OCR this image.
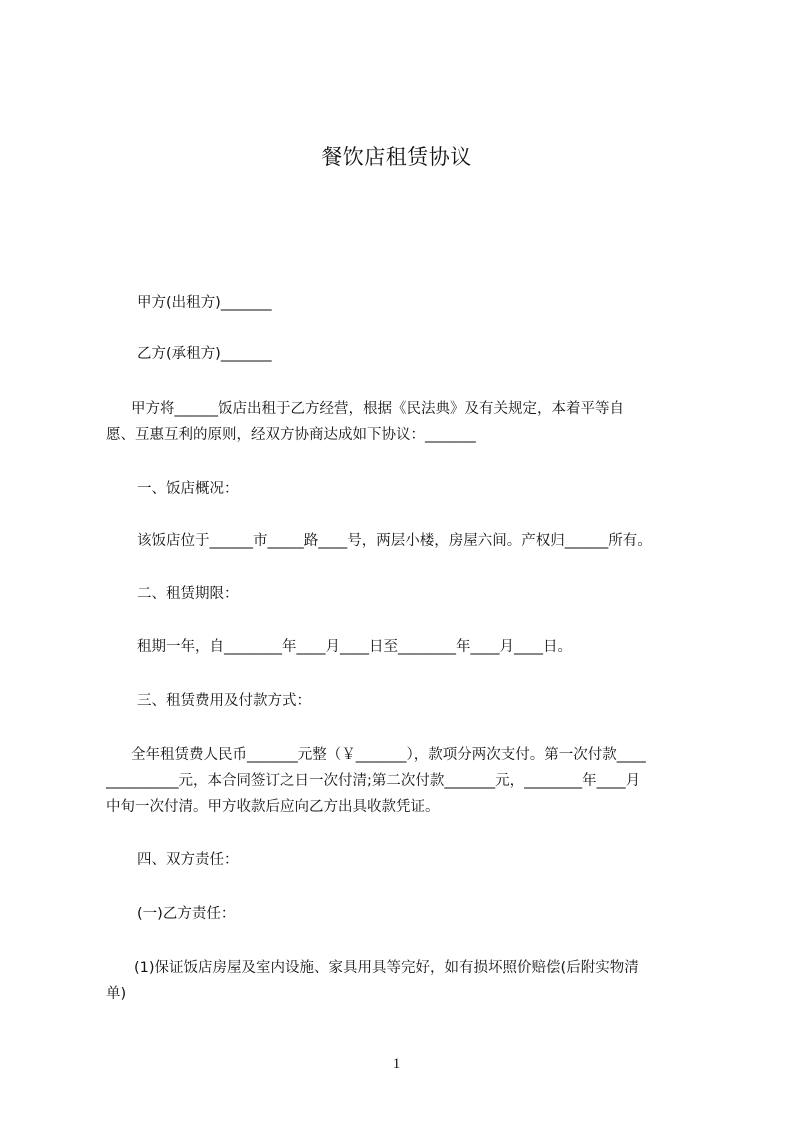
餐饮店租赁协议

甲方(出租方)_______

乙方(承租方)_______

甲方将______饭店出租于乙方经营，根据《民法典》及有关规定，本着平等自
愿、互惠互利的原则，经双方协商达成如下协议：_______

一、饭店概况：

该饭店位于______市_____路____号，两层小楼，房屋六间。产权归______所有。

二、租赁期限：

租期一年，自________年____月____日至________年____月____日。

三、租赁费用及付款方式：

全年租赁费人民币_______元整（￥_______），款项分两次支付。第一次付款____
__________元，本合同签订之日一次付清;第二次付款_______元，________年____月
中旬一次付清。甲方收款后应向乙方出具收款凭证。

四、双方责任：

(一)乙方责任：

(1)保证饭店房屋及室内设施、家具用具等完好，如有损坏照价赔偿(后附实物清
单)

1
